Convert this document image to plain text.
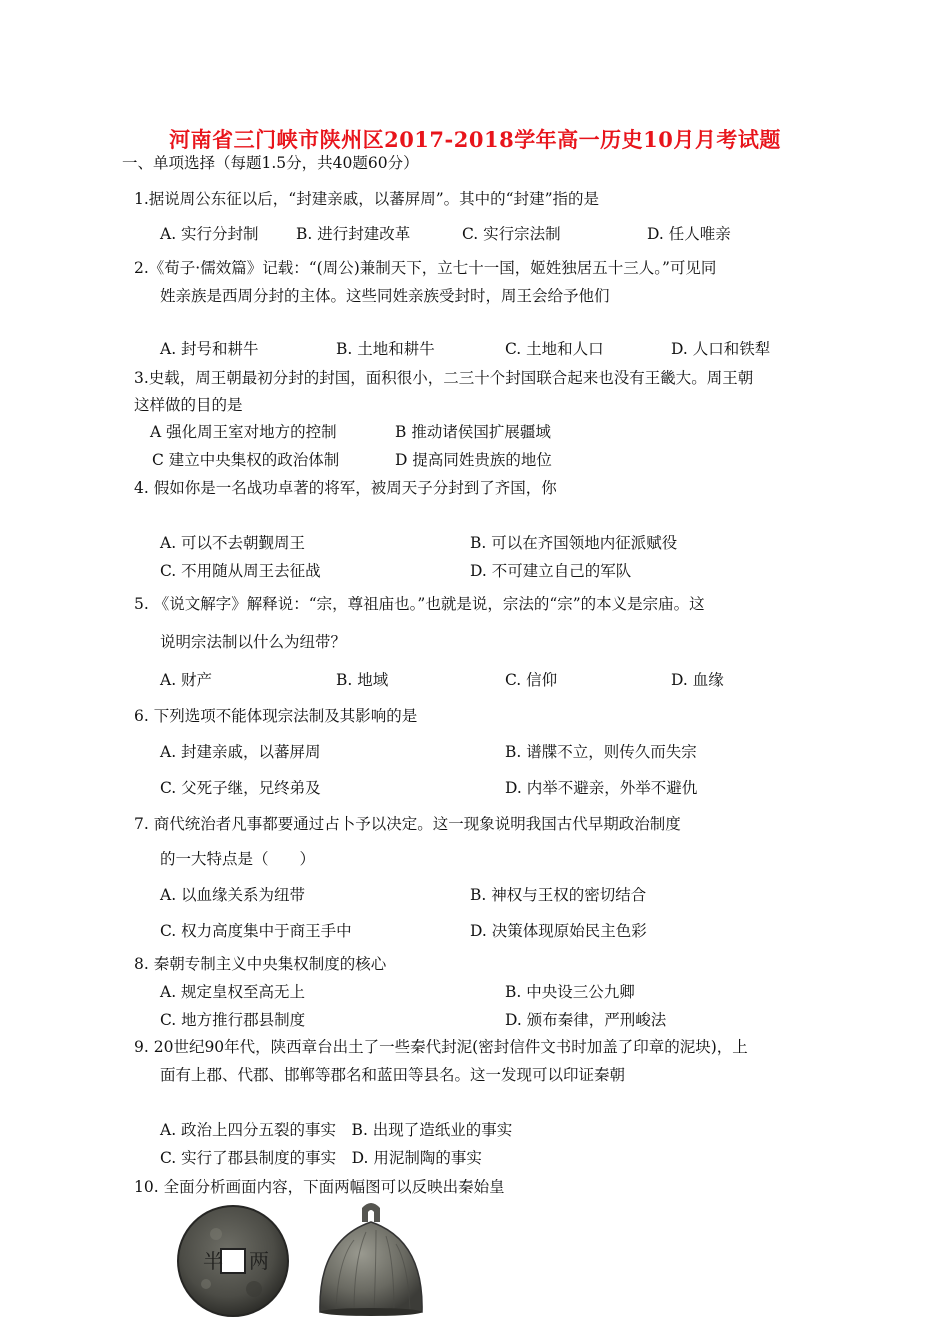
河南省三门峡市陕州区2017-2018学年高一历史10月月考试题
一、单项选择（每题1.5分，共40题60分）
1.据说周公东征以后，“封建亲戚，以蕃屏周”。其中的“封建”指的是
A. 实行分封制 B. 进行封建改革	C. 实行宗法制	D. 任人唯亲
2.《荀子·儒效篇》记载：“(周公)兼制天下，立七十一国，姬姓独居五十三人。”可见同
姓亲族是西周分封的主体。这些同姓亲族受封时，周王会给予他们
A. 封号和耕牛	B. 土地和耕牛	C. 土地和人口	D. 人口和铁犁
3.史载，周王朝最初分封的封国，面积很小，二三十个封国联合起来也没有王畿大。周王朝
这样做的目的是
A 强化周王室对地方的控制	B 推动诸侯国扩展疆域
C 建立中央集权的政治体制	D 提高同姓贵族的地位
4. 假如你是一名战功卓著的将军，被周天子分封到了齐国，你
A. 可以不去朝觐周王	B. 可以在齐国领地内征派赋役
C. 不用随从周王去征战	D. 不可建立自己的军队
5. 《说文解字》解释说：“宗，尊祖庙也。”也就是说，宗法的“宗”的本义是宗庙。这
说明宗法制以什么为纽带？
A. 财产	B. 地域	C. 信仰	D. 血缘
6. 下列选项不能体现宗法制及其影响的是
A. 封建亲戚，以蕃屏周	B. 谱牒不立，则传久而失宗
C. 父死子继，兄终弟及	D. 内举不避亲，外举不避仇
7. 商代统治者凡事都要通过占卜予以决定。这一现象说明我国古代早期政治制度
的一大特点是（　　）
A. 以血缘关系为纽带	B. 神权与王权的密切结合
C. 权力高度集中于商王手中	D. 决策体现原始民主色彩
8. 秦朝专制主义中央集权制度的核心
A. 规定皇权至高无上	B. 中央设三公九卿
C. 地方推行郡县制度	D. 颁布秦律，严刑峻法
9. 20世纪90年代，陕西章台出土了一些秦代封泥(密封信件文书时加盖了印章的泥块)，上
面有上郡、代郡、邯郸等郡名和蓝田等县名。这一发现可以印证秦朝
A. 政治上四分五裂的事实　B. 出现了造纸业的事实
C. 实行了郡县制度的事实　D. 用泥制陶的事实
10. 全面分析画面内容，下面两幅图可以反映出秦始皇
半 两
